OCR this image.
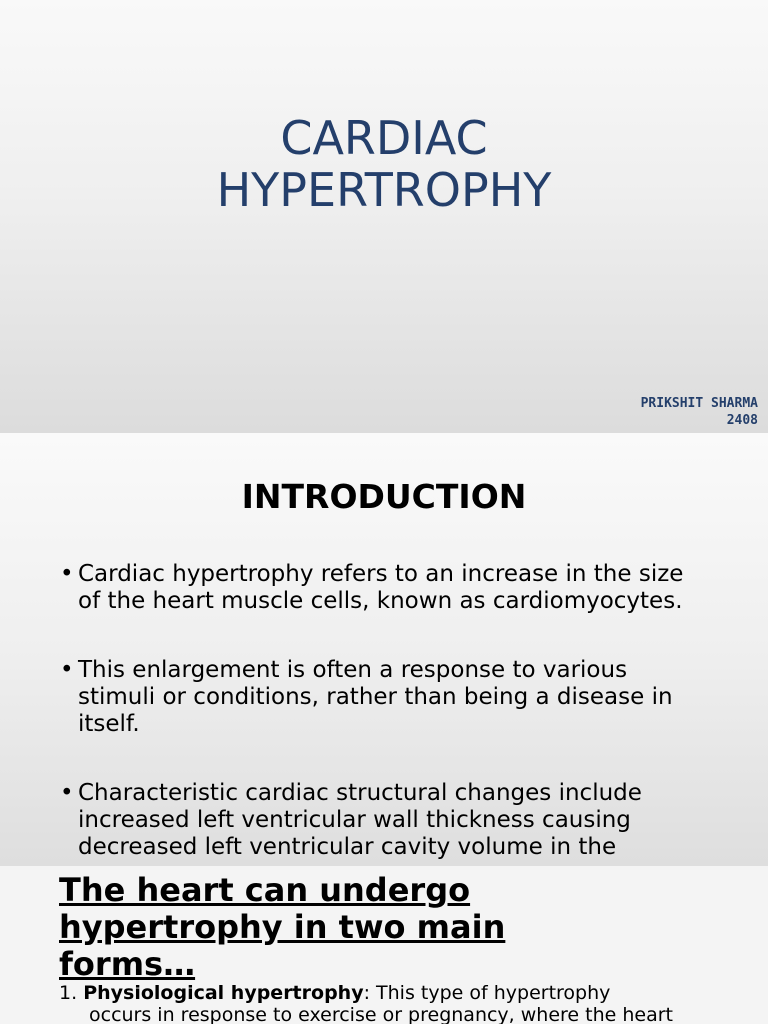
CARDIAC
HYPERTROPHY
PRIKSHIT SHARMA
2408
INTRODUCTION
• Cardiac hypertrophy refers to an increase in the size of the heart muscle cells, known as cardiomyocytes.
• This enlargement is often a response to various stimuli or conditions, rather than being a disease in itself.
• Characteristic cardiac structural changes include increased left ventricular wall thickness causing decreased left ventricular cavity volume in the
The heart can undergo hypertrophy in two main forms…
1. Physiological hypertrophy: This type of hypertrophy
occurs in response to exercise or pregnancy, where the heart
